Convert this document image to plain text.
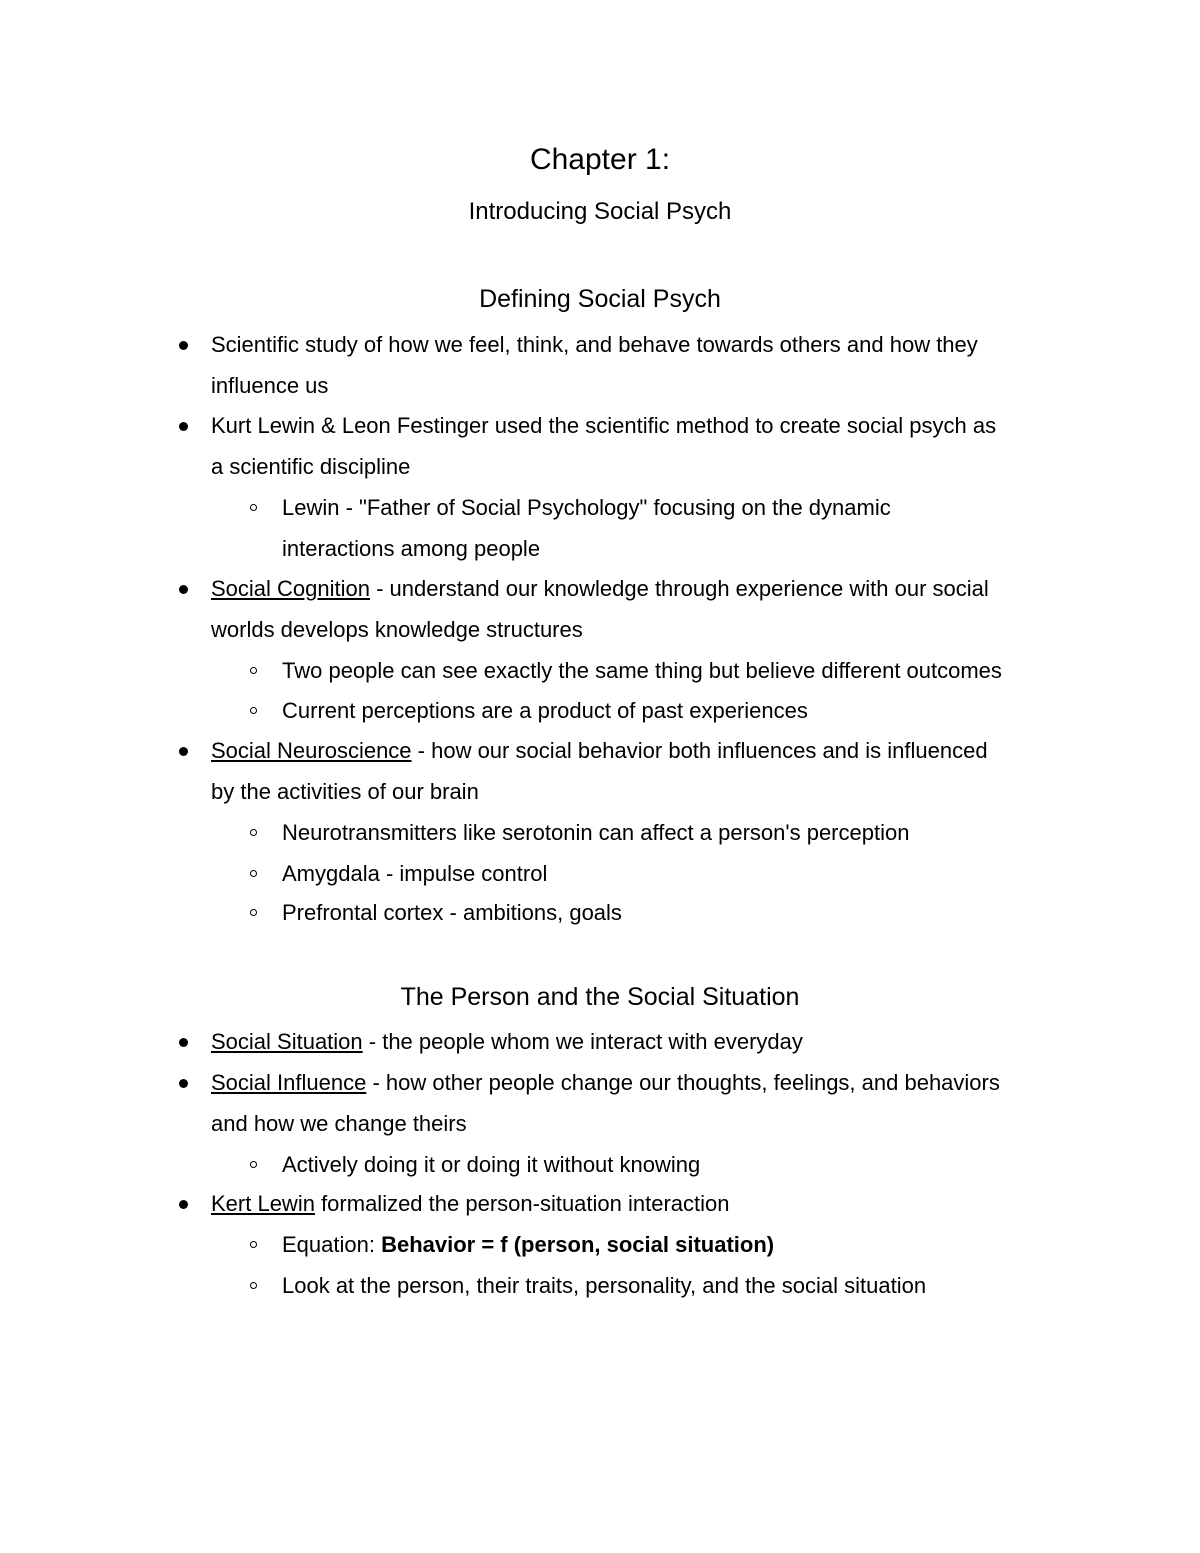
Chapter 1:
Introducing Social Psych
Defining Social Psych
Scientific study of how we feel, think, and behave towards others and how they
influence us
Kurt Lewin & Leon Festinger used the scientific method to create social psych as
a scientific discipline
Lewin - "Father of Social Psychology" focusing on the dynamic
interactions among people
Social Cognition - understand our knowledge through experience with our social
worlds develops knowledge structures
Two people can see exactly the same thing but believe different outcomes
Current perceptions are a product of past experiences
Social Neuroscience - how our social behavior both influences and is influenced
by the activities of our brain
Neurotransmitters like serotonin can affect a person's perception
Amygdala - impulse control
Prefrontal cortex - ambitions, goals
The Person and the Social Situation
Social Situation - the people whom we interact with everyday
Social Influence - how other people change our thoughts, feelings, and behaviors
and how we change theirs
Actively doing it or doing it without knowing
Kert Lewin formalized the person-situation interaction
Equation: Behavior = f (person, social situation)
Look at the person, their traits, personality, and the social situation
